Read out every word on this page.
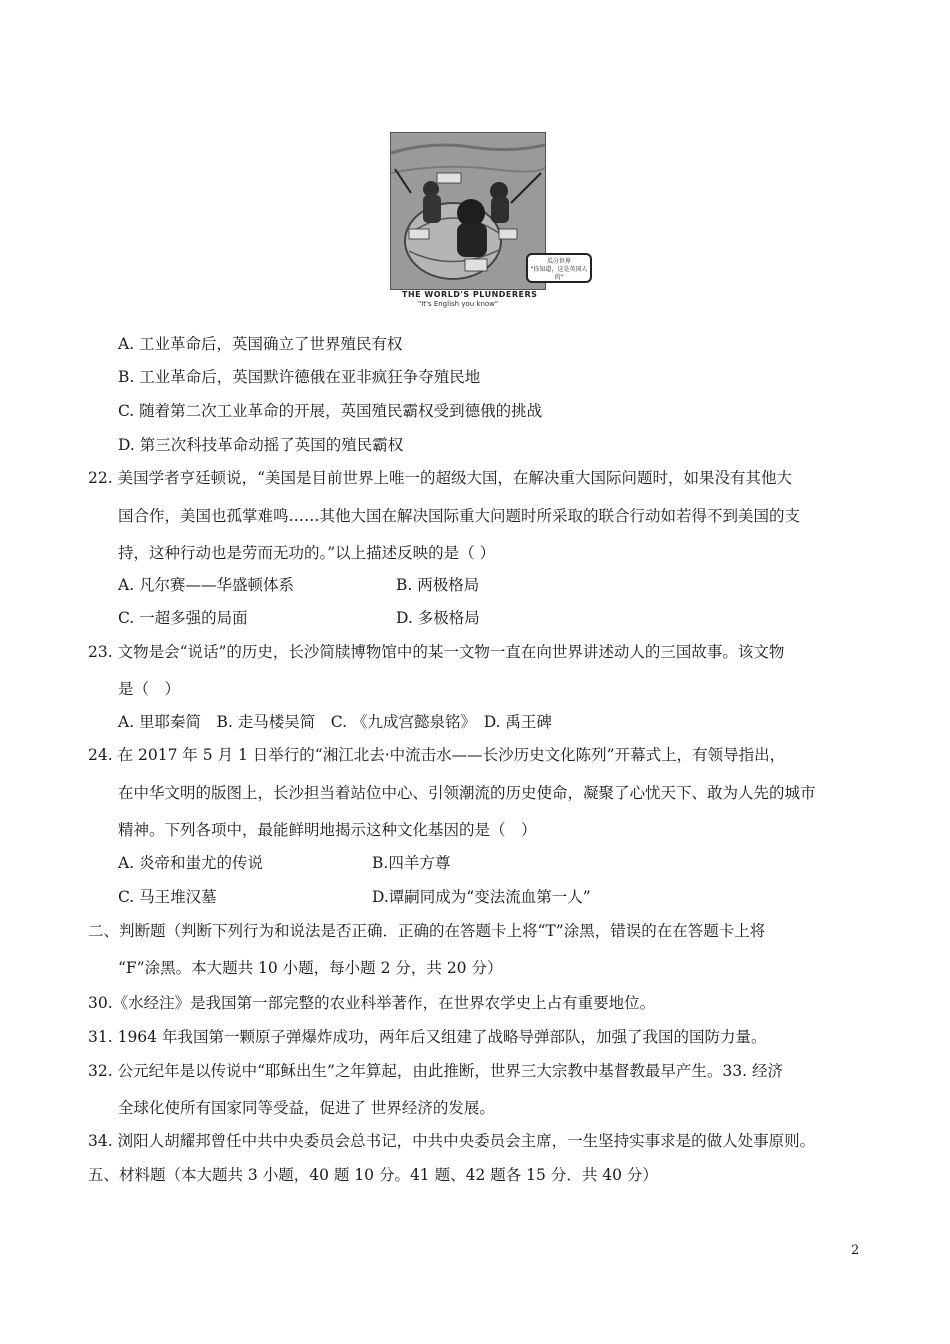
瓜分世界
"你知道，这是英国人的"
THE WORLD'S PLUNDERERS
"It's English you know"
A. 工业革命后，英国确立了世界殖民有权
B. 工业革命后，英国默许德俄在亚非疯狂争夺殖民地
C. 随着第二次工业革命的开展，英国殖民霸权受到德俄的挑战
D. 第三次科技革命动摇了英国的殖民霸权
22. 美国学者亨廷顿说，“美国是目前世界上唯一的超级大国，在解决重大国际问题时，如果没有其他大
国合作，美国也孤掌难鸣……其他大国在解决国际重大问题时所采取的联合行动如若得不到美国的支
持，这种行动也是劳而无功的。”以上描述反映的是（ ）
A. 凡尔赛——华盛顿体系	B. 两极格局
C. 一超多强的局面	D. 多极格局
23. 文物是会“说话”的历史，长沙简牍博物馆中的某一文物一直在向世界讲述动人的三国故事。该文物
是（　）
A. 里耶秦简　B. 走马楼吴简　C. 《九成宫懿泉铭》　D. 禹王碑
24. 在 2017 年 5 月 1 日举行的“湘江北去·中流击水——长沙历史文化陈列”开幕式上，有领导指出，
在中华文明的版图上，长沙担当着站位中心、引领潮流的历史使命，凝聚了心忧天下、敢为人先的城市
精神。下列各项中，最能鲜明地揭示这种文化基因的是（　）
A. 炎帝和蚩尤的传说	B.四羊方尊
C. 马王堆汉墓	D.谭嗣同成为“变法流血第一人”
二、判断题（判断下列行为和说法是否正确．正确的在答题卡上将“T”涂黑，错误的在在答题卡上将
“F”涂黑。本大题共 10 小题，每小题 2 分，共 20 分）
30.《水经注》是我国第一部完整的农业科举著作，在世界农学史上占有重要地位。
31. 1964 年我国第一颗原子弹爆炸成功，两年后又组建了战略导弹部队，加强了我国的国防力量。
32. 公元纪年是以传说中“耶稣出生”之年算起，由此推断，世界三大宗教中基督教最早产生。33. 经济
全球化使所有国家同等受益，促进了 世界经济的发展。
34. 浏阳人胡耀邦曾任中共中央委员会总书记，中共中央委员会主席，一生坚持实事求是的做人处事原则。
五、材料题（本大题共 3 小题，40 题 10 分。41 题、42 题各 15 分．共 40 分）
2
